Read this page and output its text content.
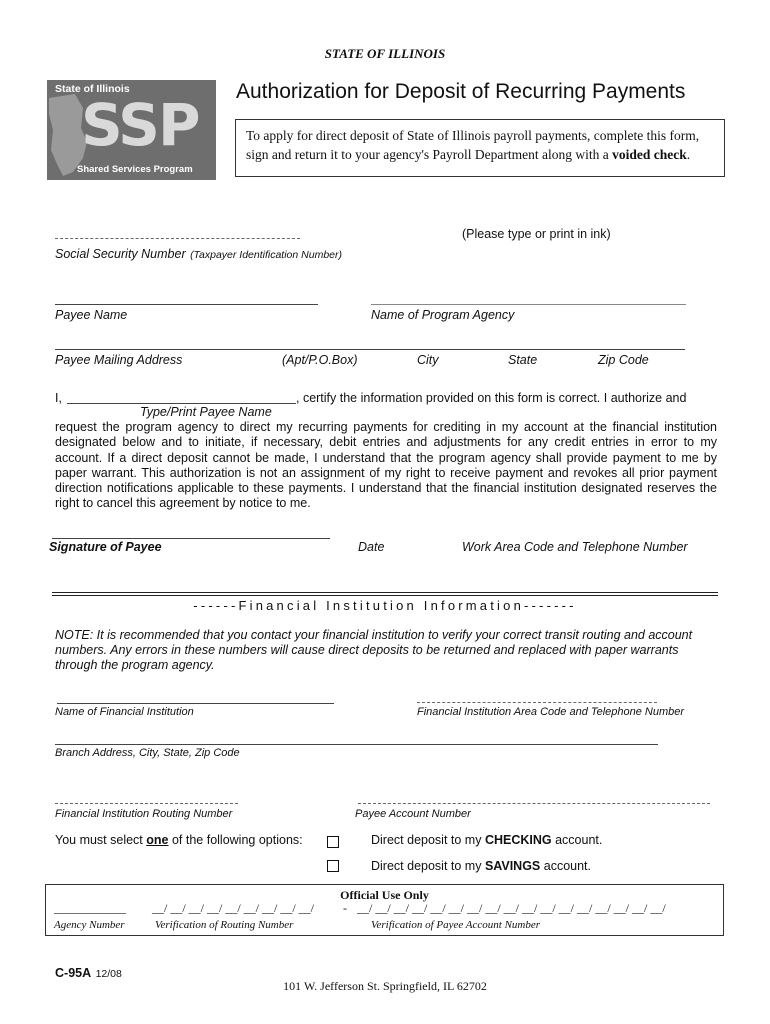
STATE OF ILLINOIS
State of Illinois
SSP
Shared Services Program
Authorization for Deposit of Recurring Payments
To apply for direct deposit of State of Illinois payroll payments, complete this form, sign and return it to your agency's Payroll Department along with a voided check.
(Please type or print in ink)
Social Security Number (Taxpayer Identification Number)
Payee Name	Name of Program Agency
Payee Mailing Address	(Apt/P.O.Box)	City	State	Zip Code
I,	, certify the information provided on this form is correct. I authorize and
Type/Print Payee Name
request the program agency to direct my recurring payments for crediting in my account at the financial institution designated below and to initiate, if necessary, debit entries and adjustments for any credit entries in error to my account. If a direct deposit cannot be made, I understand that the program agency shall provide payment to me by paper warrant. This authorization is not an assignment of my right to receive payment and revokes all prior payment direction notifications applicable to these payments. I understand that the financial institution designated reserves the right to cancel this agreement by notice to me.
Signature of Payee	Date	Work Area Code and Telephone Number
------Financial Institution Information-------
NOTE: It is recommended that you contact your financial institution to verify your correct transit routing and account numbers. Any errors in these numbers will cause direct deposits to be returned and replaced with paper warrants through the program agency.
Name of Financial Institution	Financial Institution Area Code and Telephone Number
Branch Address, City, State, Zip Code
Financial Institution Routing Number	Payee Account Number
You must select one of the following options:	Direct deposit to my CHECKING account.
Direct deposit to my SAVINGS account.
Official Use Only
____________ __/ __/ __/ __/ __/ __/ __/ __/ __/ - __/ __/ __/ __/ __/ __/ __/ __/ __/ __/ __/ __/ __/ __/ __/ __/ __/
Agency Number	Verification of Routing Number	Verification of Payee Account Number
C-95A 12/08
101 W. Jefferson St. Springfield, IL 62702
